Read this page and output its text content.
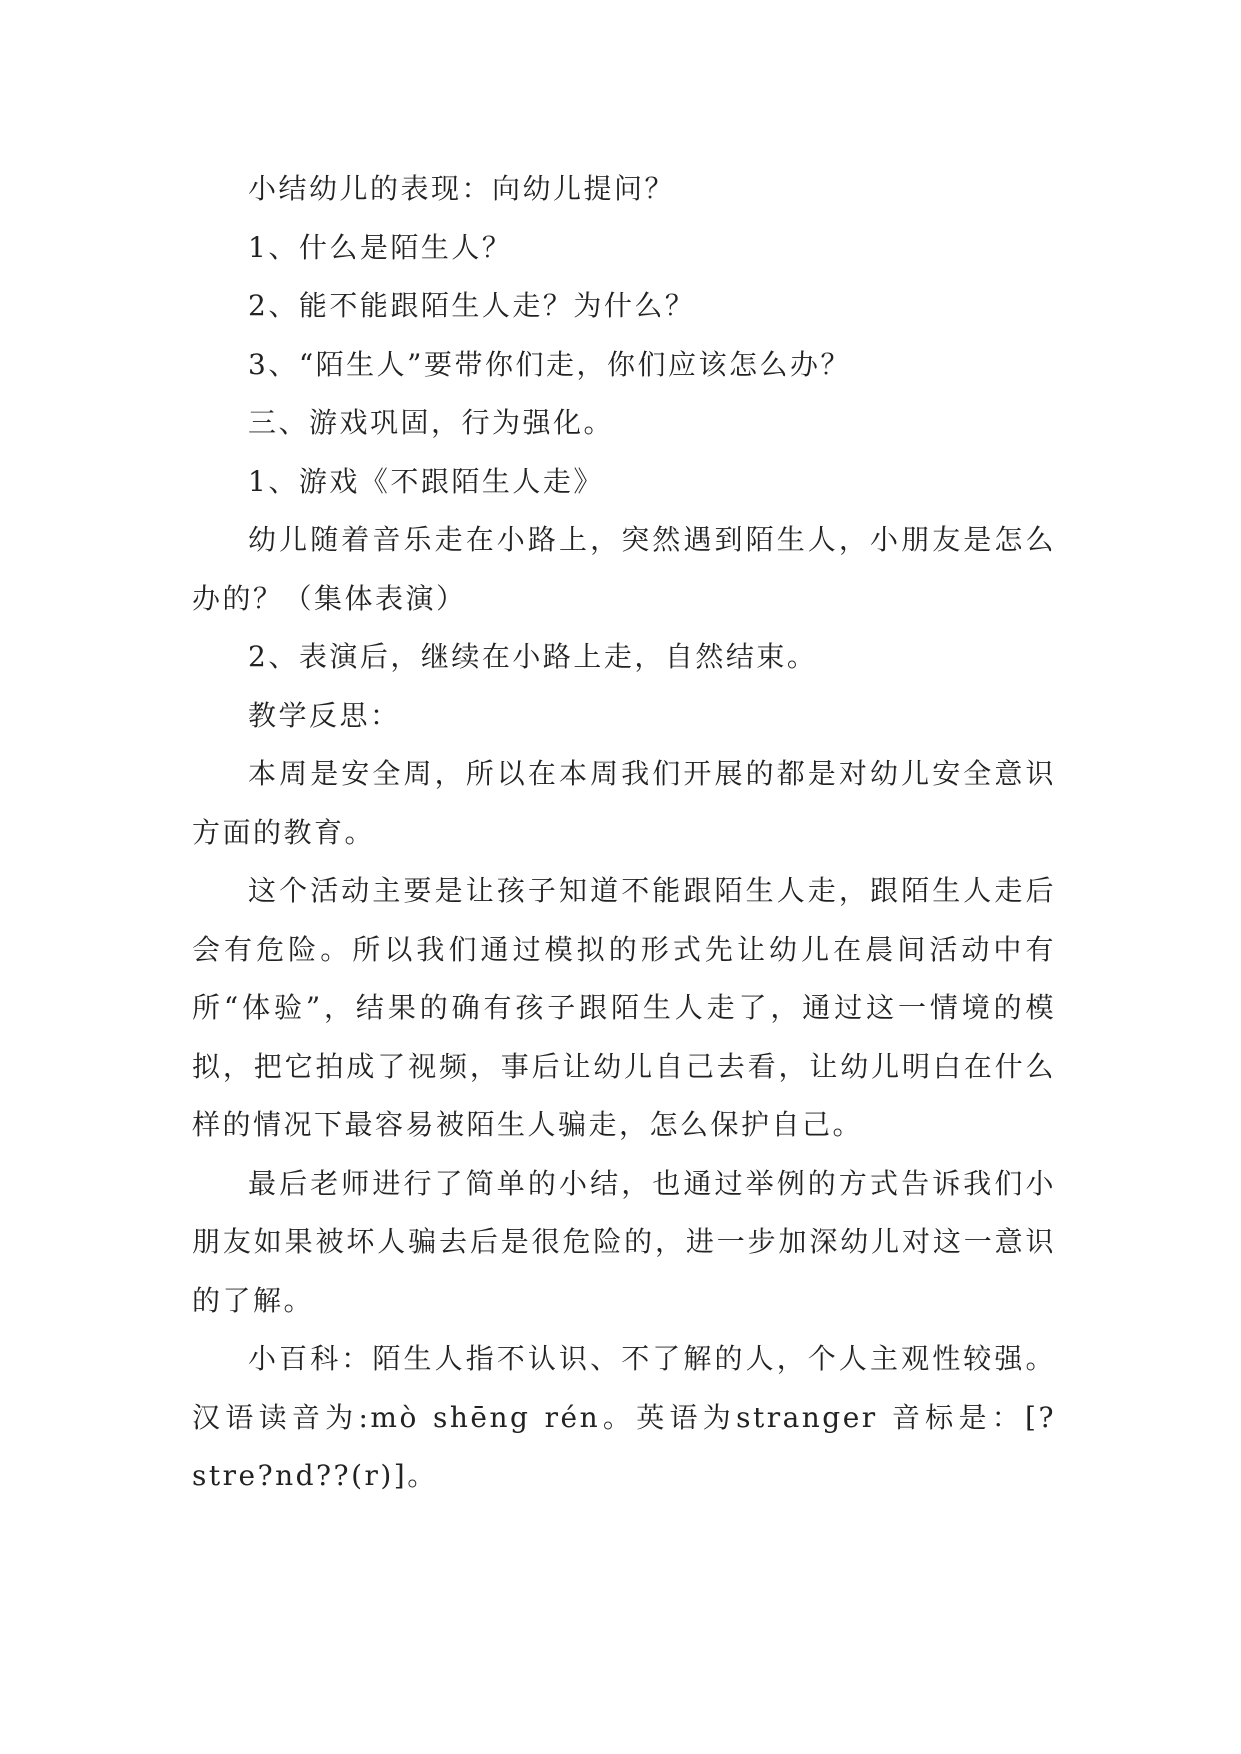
小结幼儿的表现：向幼儿提问？

1、什么是陌生人？

2、能不能跟陌生人走？为什么？

3、“陌生人”要带你们走，你们应该怎么办？

三、游戏巩固，行为强化。

1、游戏《不跟陌生人走》

幼儿随着音乐走在小路上，突然遇到陌生人，小朋友是怎么办的？（集体表演）

2、表演后，继续在小路上走，自然结束。

教学反思：

本周是安全周，所以在本周我们开展的都是对幼儿安全意识方面的教育。

这个活动主要是让孩子知道不能跟陌生人走，跟陌生人走后会有危险。所以我们通过模拟的形式先让幼儿在晨间活动中有所“体验”，结果的确有孩子跟陌生人走了，通过这一情境的模拟，把它拍成了视频，事后让幼儿自己去看，让幼儿明白在什么样的情况下最容易被陌生人骗走，怎么保护自己。

最后老师进行了简单的小结，也通过举例的方式告诉我们小朋友如果被坏人骗去后是很危险的，进一步加深幼儿对这一意识的了解。

小百科：陌生人指不认识、不了解的人，个人主观性较强。汉语读音为:mò shēng rén。英语为stranger 音标是：[?stre?nd??(r)]。
